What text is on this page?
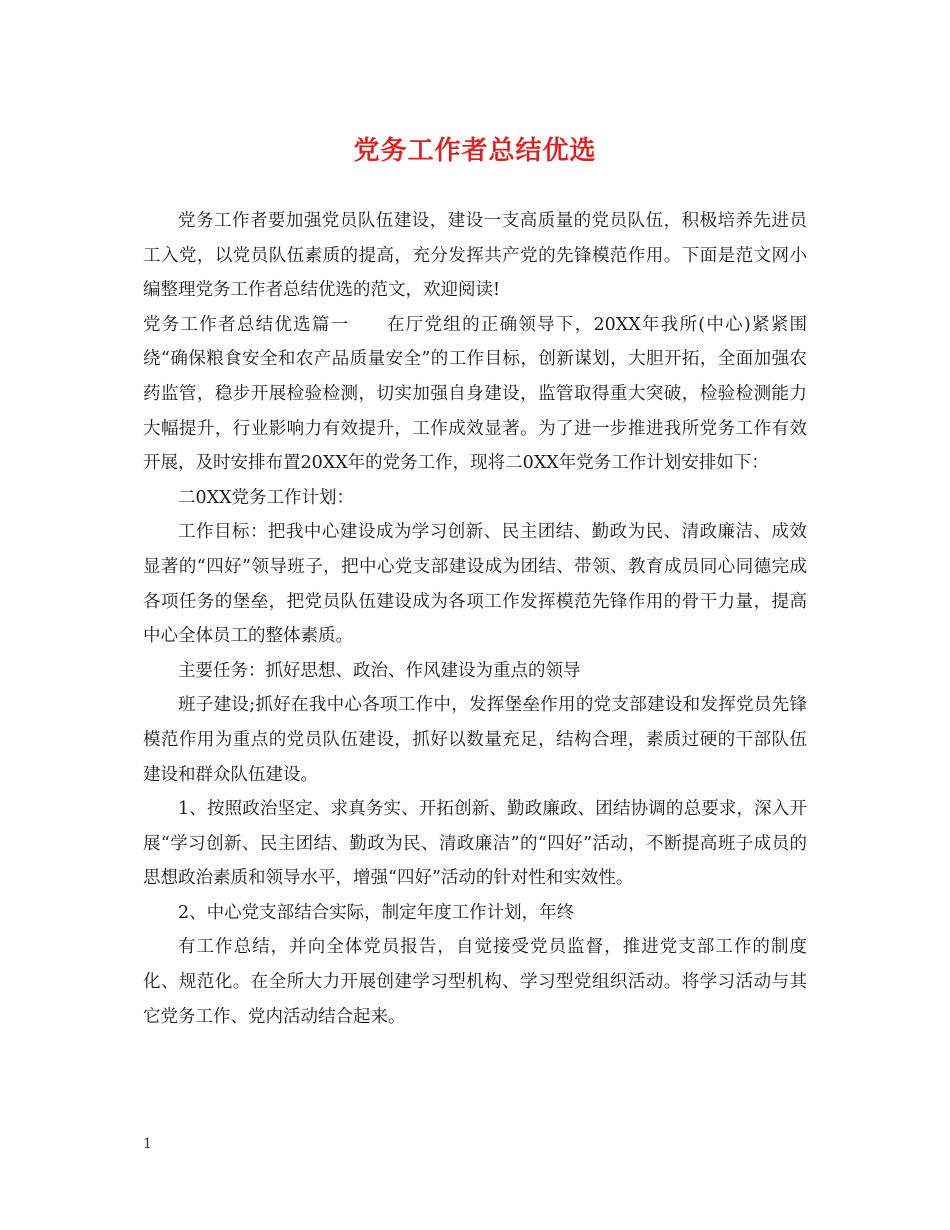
党务工作者总结优选

党务工作者要加强党员队伍建设，建设一支高质量的党员队伍，积极培养先进员工入党，以党员队伍素质的提高，充分发挥共产党的先锋模范作用。下面是范文网小编整理党务工作者总结优选的范文，欢迎阅读!

党务工作者总结优选篇一　　在厅党组的正确领导下，20XX年我所(中心)紧紧围绕“确保粮食安全和农产品质量安全”的工作目标，创新谋划，大胆开拓，全面加强农药监管，稳步开展检验检测，切实加强自身建设，监管取得重大突破，检验检测能力大幅提升，行业影响力有效提升，工作成效显著。为了进一步推进我所党务工作有效开展，及时安排布置20XX年的党务工作，现将二0XX年党务工作计划安排如下：

二0XX党务工作计划：

工作目标：把我中心建设成为学习创新、民主团结、勤政为民、清政廉洁、成效显著的“四好”领导班子，把中心党支部建设成为团结、带领、教育成员同心同德完成各项任务的堡垒，把党员队伍建设成为各项工作发挥模范先锋作用的骨干力量，提高中心全体员工的整体素质。

主要任务：抓好思想、政治、作风建设为重点的领导

班子建设;抓好在我中心各项工作中，发挥堡垒作用的党支部建设和发挥党员先锋模范作用为重点的党员队伍建设，抓好以数量充足，结构合理，素质过硬的干部队伍建设和群众队伍建设。

1、按照政治坚定、求真务实、开拓创新、勤政廉政、团结协调的总要求，深入开展“学习创新、民主团结、勤政为民、清政廉洁”的“四好”活动，不断提高班子成员的思想政治素质和领导水平，增强“四好”活动的针对性和实效性。

2、中心党支部结合实际，制定年度工作计划，年终

有工作总结，并向全体党员报告，自觉接受党员监督，推进党支部工作的制度化、规范化。在全所大力开展创建学习型机构、学习型党组织活动。将学习活动与其它党务工作、党内活动结合起来。

1
